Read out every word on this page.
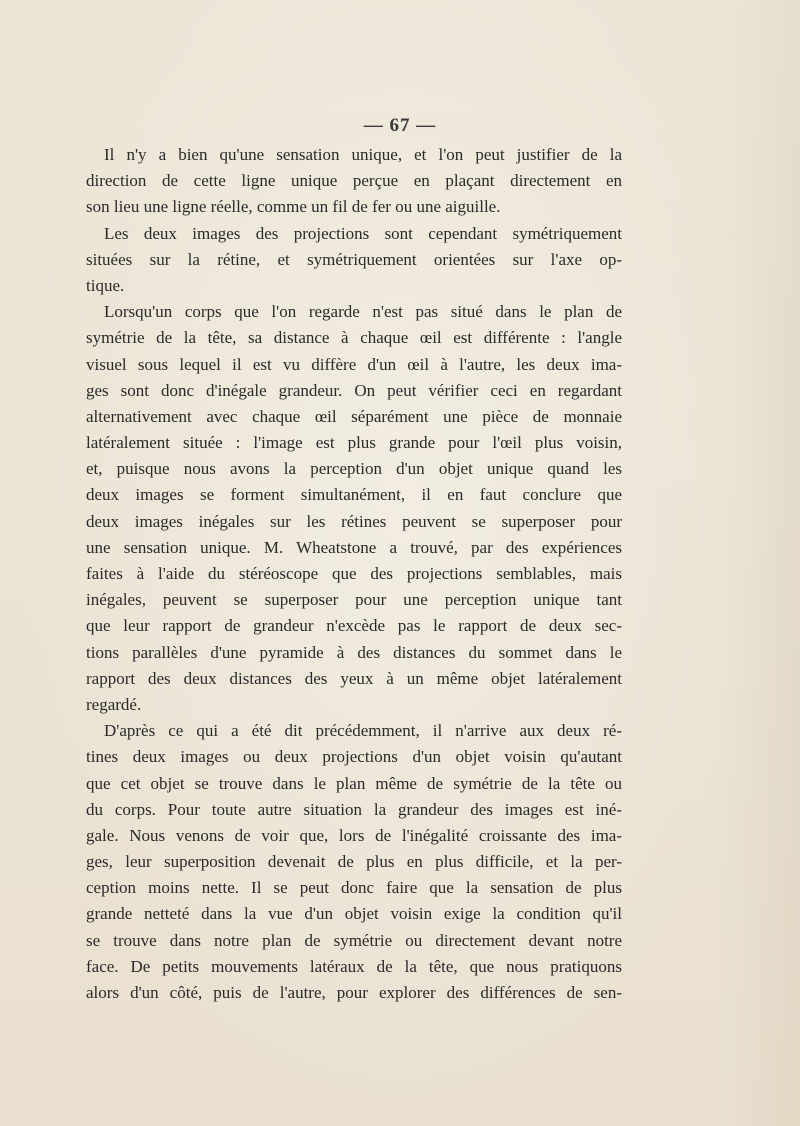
— 67 —
Il n'y a bien qu'une sensation unique, et l'on peut justifier de la
direction de cette ligne unique perçue en plaçant directement en
son lieu une ligne réelle, comme un fil de fer ou une aiguille.
Les deux images des projections sont cependant symétriquement
situées sur la rétine, et symétriquement orientées sur l'axe op-
tique.
Lorsqu'un corps que l'on regarde n'est pas situé dans le plan de
symétrie de la tête, sa distance à chaque œil est différente : l'angle
visuel sous lequel il est vu diffère d'un œil à l'autre, les deux ima-
ges sont donc d'inégale grandeur. On peut vérifier ceci en regardant
alternativement avec chaque œil séparément une pièce de monnaie
latéralement située : l'image est plus grande pour l'œil plus voisin,
et, puisque nous avons la perception d'un objet unique quand les
deux images se forment simultanément, il en faut conclure que
deux images inégales sur les rétines peuvent se superposer pour
une sensation unique. M. Wheatstone a trouvé, par des expériences
faites à l'aide du stéréoscope que des projections semblables, mais
inégales, peuvent se superposer pour une perception unique tant
que leur rapport de grandeur n'excède pas le rapport de deux sec-
tions parallèles d'une pyramide à des distances du sommet dans le
rapport des deux distances des yeux à un même objet latéralement
regardé.
D'après ce qui a été dit précédemment, il n'arrive aux deux ré-
tines deux images ou deux projections d'un objet voisin qu'autant
que cet objet se trouve dans le plan même de symétrie de la tête ou
du corps. Pour toute autre situation la grandeur des images est iné-
gale. Nous venons de voir que, lors de l'inégalité croissante des ima-
ges, leur superposition devenait de plus en plus difficile, et la per-
ception moins nette. Il se peut donc faire que la sensation de plus
grande netteté dans la vue d'un objet voisin exige la condition qu'il
se trouve dans notre plan de symétrie ou directement devant notre
face. De petits mouvements latéraux de la tête, que nous pratiquons
alors d'un côté, puis de l'autre, pour explorer des différences de sen-
